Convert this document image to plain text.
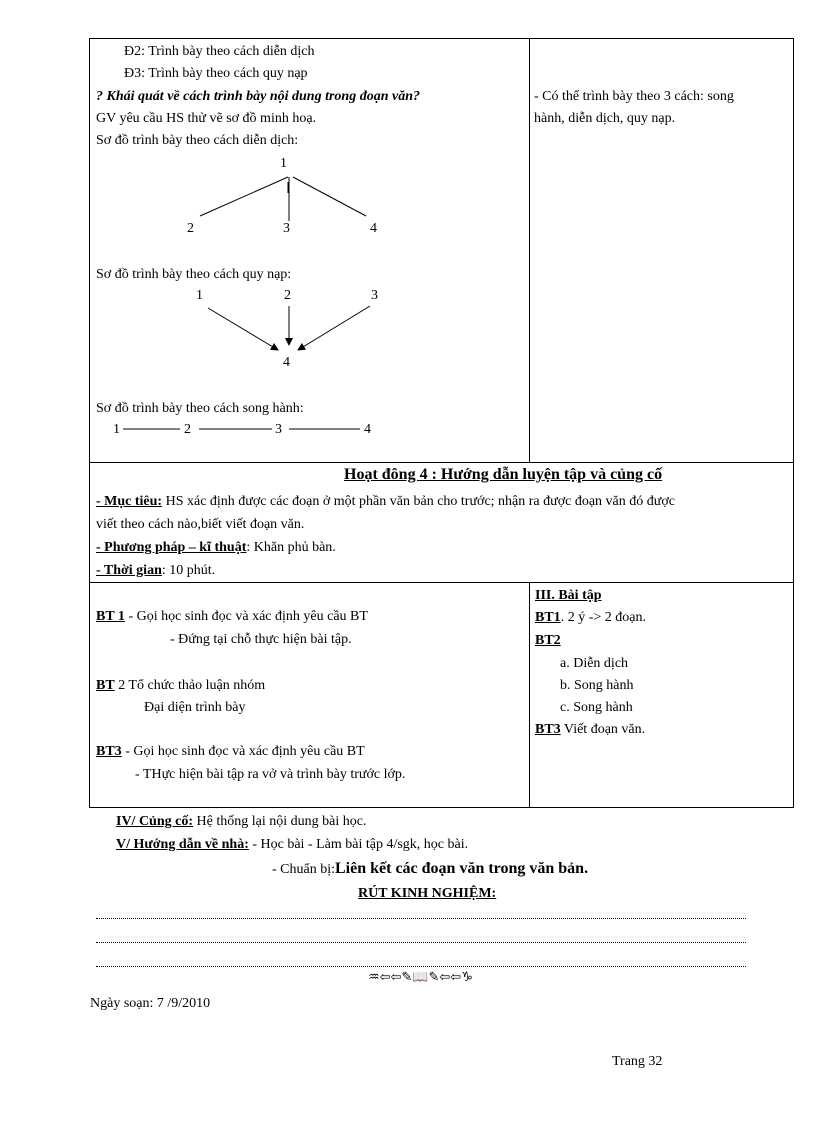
Đ2: Trình bày theo cách diễn dịch
Đ3: Trình bày theo cách quy nạp
? Khái quát về cách trình bày nội dung trong đoạn văn?
GV yêu cầu HS thử vẽ sơ đồ minh hoạ.
Sơ đồ trình bày theo cách diễn dịch:
1
2	3	4
Sơ đồ trình bày theo cách quy nạp:
1	2	3
4
Sơ đồ trình bày theo cách song hành:
1	2	3	4
- Có thể trình bày theo 3 cách: song
hành, diễn dịch, quy nạp.
Hoạt đông 4 : Hướng dẫn luyện tập và củng cố
- Mục tiêu: HS xác định được các đoạn ở một phần văn bản cho trước; nhận ra được đoạn văn đó được
viết theo cách nào,biết viết đoạn văn.
- Phương pháp – kĩ thuật: Khăn phủ bàn.
- Thời gian: 10 phút.
BT 1 - Gọi học sinh đọc và xác định yêu cầu BT
- Đứng tại chỗ thực hiện bài tập.
BT 2 Tổ chức thảo luận nhóm
Đại diện trình bày
BT3 - Gọi học sinh đọc và xác định yêu cầu BT
- THực hiện bài tập ra vở và trình bày trước lớp.
III. Bài tập
BT1. 2 ý -> 2 đoạn.
BT2
a. Diễn dịch
b. Song hành
c. Song hành
BT3 Viết đoạn văn.
IV/ Củng cố: Hệ thống lại nội dung bài học.
V/ Hướng dẫn về nhà: - Học bài - Làm bài tập 4/sgk, học bài.
- Chuẩn bị:Liên kết các đoạn văn trong văn bản.
RÚT KINH NGHIỆM:
♒⇦⇦✎📖✎⇦⇦♑
Ngày soạn: 7 /9/2010
Trang 32
